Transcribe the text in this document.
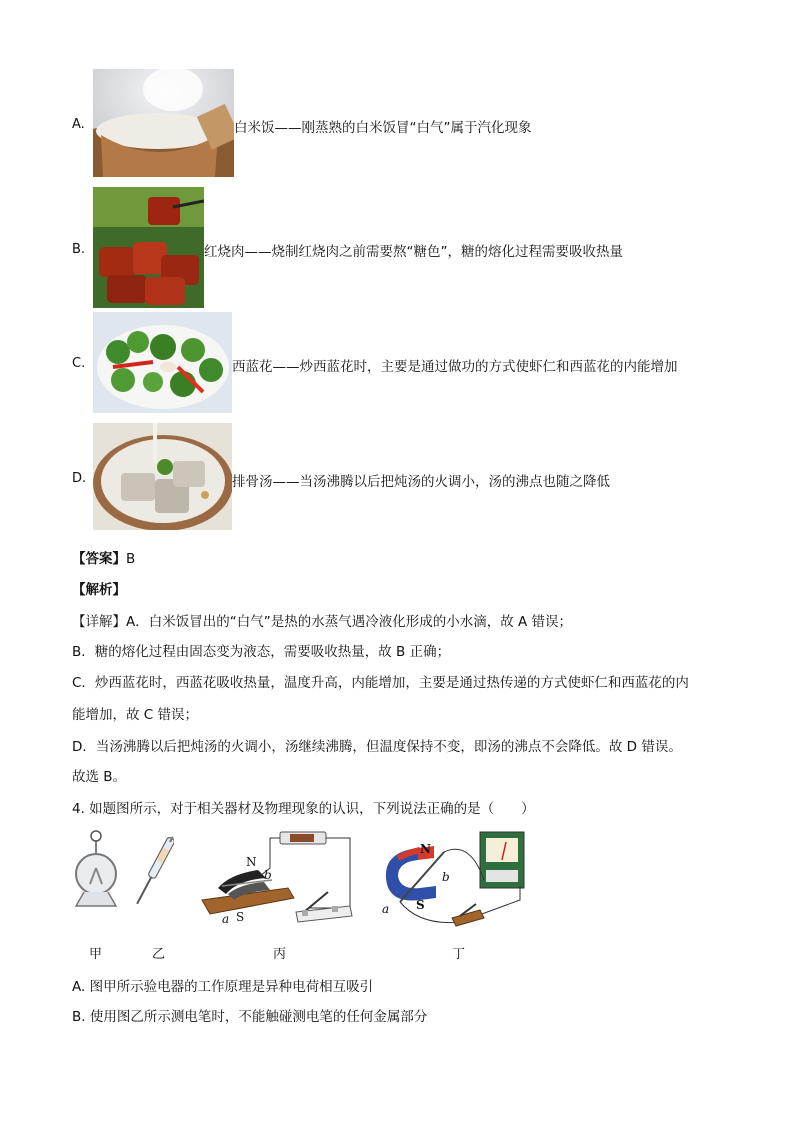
A.	白米饭——刚蒸熟的白米饭冒“白气”属于汽化现象
B.	红烧肉——烧制红烧肉之前需要熬“糖色”，糖的熔化过程需要吸收热量
C.	西蓝花——炒西蓝花时，主要是通过做功的方式使虾仁和西蓝花的内能增加
D.	排骨汤——当汤沸腾以后把炖汤的火调小，汤的沸点也随之降低
【答案】B
【解析】
【详解】A．白米饭冒出的“白气”是热的水蒸气遇冷液化形成的小水滴，故 A 错误；
B．糖的熔化过程由固态变为液态，需要吸收热量，故 B 正确；
C．炒西蓝花时，西蓝花吸收热量，温度升高，内能增加，主要是通过热传递的方式使虾仁和西蓝花的内
能增加，故 C 错误；
D．当汤沸腾以后把炖汤的火调小，汤继续沸腾，但温度保持不变，即汤的沸点不会降低。故 D 错误。
故选 B。
4. 如题图所示，对于相关器材及物理现象的认识，下列说法正确的是（　　）
N
b
a S
N
b
a S
甲	乙	丙	丁
A. 图甲所示验电器的工作原理是异种电荷相互吸引
B. 使用图乙所示测电笔时，不能触碰测电笔的任何金属部分
